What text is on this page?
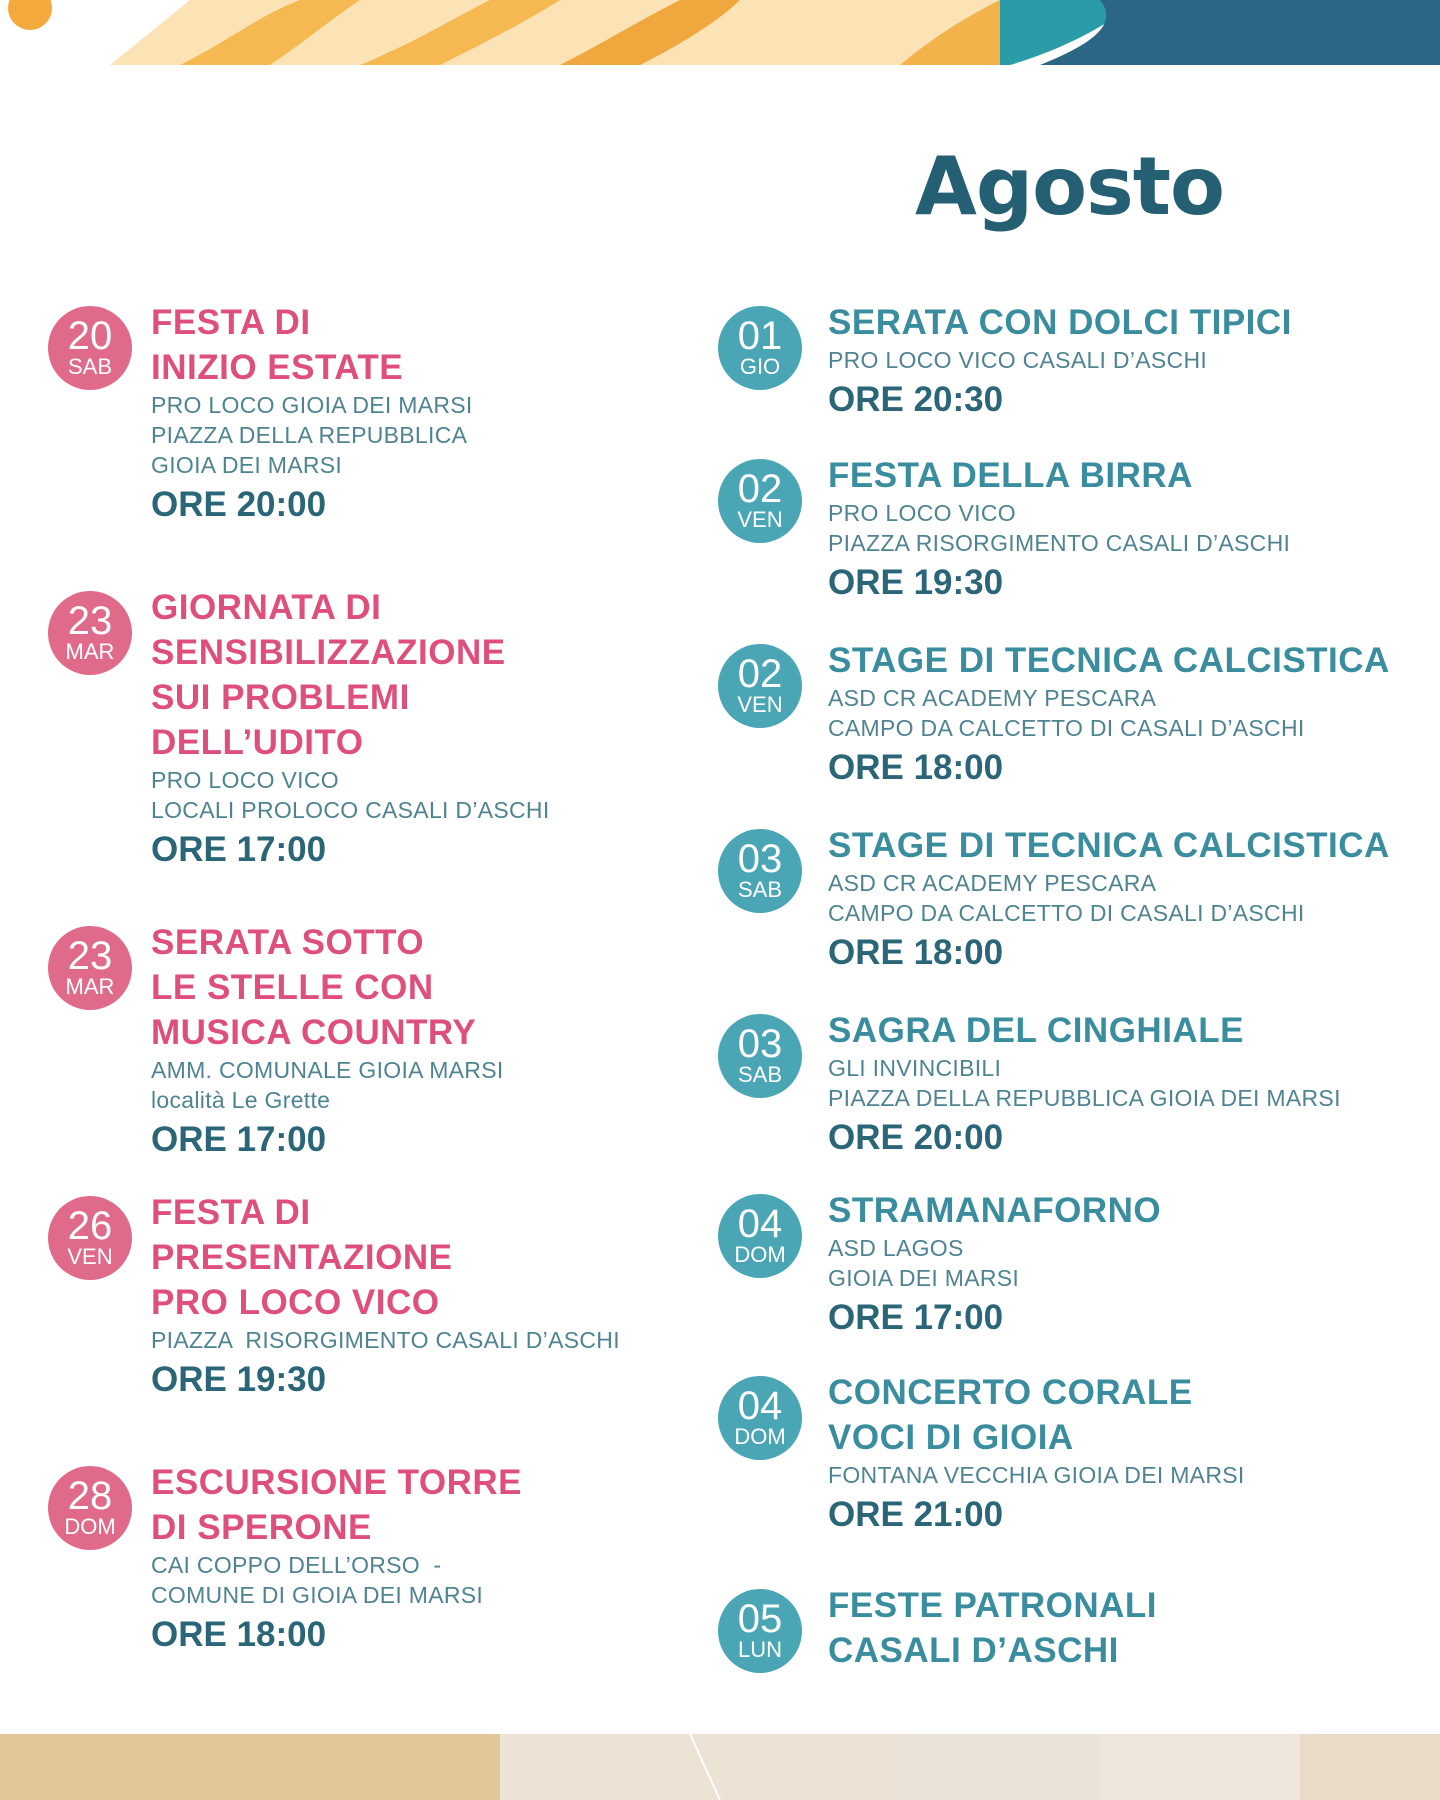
Agosto
20
SAB
FESTA DI
INIZIO ESTATE
PRO LOCO GIOIA DEI MARSI
PIAZZA DELLA REPUBBLICA
GIOIA DEI MARSI
ORE 20:00
23
MAR
GIORNATA DI
SENSIBILIZZAZIONE
SUI PROBLEMI
DELL’UDITO
PRO LOCO VICO
LOCALI PROLOCO CASALI D’ASCHI
ORE 17:00
23
MAR
SERATA SOTTO
LE STELLE CON
MUSICA COUNTRY
AMM. COMUNALE GIOIA MARSI
località Le Grette
ORE 17:00
26
VEN
FESTA DI
PRESENTAZIONE
PRO LOCO VICO
PIAZZA  RISORGIMENTO CASALI D’ASCHI
ORE 19:30
28
DOM
ESCURSIONE TORRE
DI SPERONE
CAI COPPO DELL’ORSO  -
COMUNE DI GIOIA DEI MARSI
ORE 18:00
01
GIO
SERATA CON DOLCI TIPICI
PRO LOCO VICO CASALI D’ASCHI
ORE 20:30
02
VEN
FESTA DELLA BIRRA
PRO LOCO VICO
PIAZZA RISORGIMENTO CASALI D’ASCHI
ORE 19:30
02
VEN
STAGE DI TECNICA CALCISTICA
ASD CR ACADEMY PESCARA
CAMPO DA CALCETTO DI CASALI D’ASCHI
ORE 18:00
03
SAB
STAGE DI TECNICA CALCISTICA
ASD CR ACADEMY PESCARA
CAMPO DA CALCETTO DI CASALI D’ASCHI
ORE 18:00
03
SAB
SAGRA DEL CINGHIALE
GLI INVINCIBILI
PIAZZA DELLA REPUBBLICA GIOIA DEI MARSI
ORE 20:00
04
DOM
STRAMANAFORNO
ASD LAGOS
GIOIA DEI MARSI
ORE 17:00
04
DOM
CONCERTO CORALE
VOCI DI GIOIA
FONTANA VECCHIA GIOIA DEI MARSI
ORE 21:00
05
LUN
FESTE PATRONALI
CASALI D’ASCHI
